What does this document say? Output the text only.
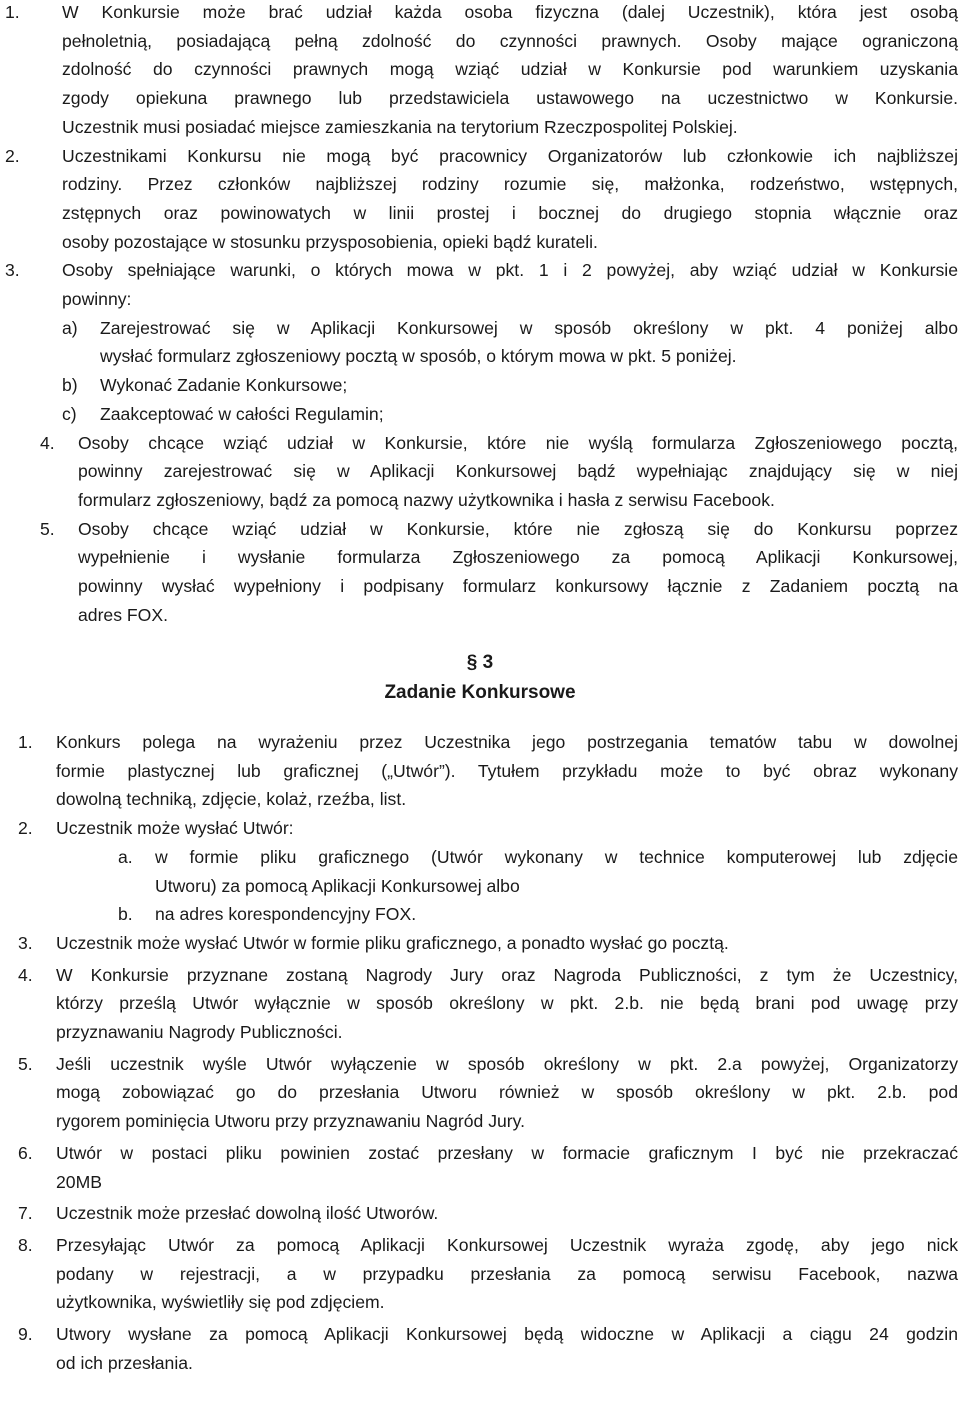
1. W Konkursie może brać udział każda osoba fizyczna (dalej Uczestnik), która jest osobą
pełnoletnią, posiadającą pełną zdolność do czynności prawnych. Osoby mające ograniczoną
zdolność do czynności prawnych mogą wziąć udział w Konkursie pod warunkiem uzyskania
zgody opiekuna prawnego lub przedstawiciela ustawowego na uczestnictwo w Konkursie.
Uczestnik musi posiadać miejsce zamieszkania na terytorium Rzeczpospolitej Polskiej.
2. Uczestnikami Konkursu nie mogą być pracownicy Organizatorów lub członkowie ich najbliższej
rodziny. Przez członków najbliższej rodziny rozumie się, małżonka, rodzeństwo, wstępnych,
zstępnych oraz powinowatych w linii prostej i bocznej do drugiego stopnia włącznie oraz
osoby pozostające w stosunku przysposobienia, opieki bądź kurateli.
3. Osoby spełniające warunki, o których mowa w pkt. 1 i 2 powyżej, aby wziąć udział w Konkursie
powinny:
a) Zarejestrować się w Aplikacji Konkursowej w sposób określony w pkt. 4 poniżej albo
wysłać formularz zgłoszeniowy pocztą w sposób, o którym mowa w pkt. 5 poniżej.
b) Wykonać Zadanie Konkursowe;
c) Zaakceptować w całości Regulamin;
4. Osoby chcące wziąć udział w Konkursie, które nie wyślą formularza Zgłoszeniowego pocztą,
powinny zarejestrować się w Aplikacji Konkursowej bądź wypełniając znajdujący się w niej
formularz zgłoszeniowy, bądź za pomocą nazwy użytkownika i hasła z serwisu Facebook.
5. Osoby chcące wziąć udział w Konkursie, które nie zgłoszą się do Konkursu poprzez
wypełnienie i wysłanie formularza Zgłoszeniowego za pomocą Aplikacji Konkursowej,
powinny wysłać wypełniony i podpisany formularz konkursowy łącznie z Zadaniem pocztą na
adres FOX.
§ 3
Zadanie Konkursowe
1. Konkurs polega na wyrażeniu przez Uczestnika jego postrzegania tematów tabu w dowolnej
formie plastycznej lub graficznej („Utwór”). Tytułem przykładu może to być obraz wykonany
dowolną techniką, zdjęcie, kolaż, rzeźba, list.
2. Uczestnik może wysłać Utwór:
a. w formie pliku graficznego (Utwór wykonany w technice komputerowej lub zdjęcie
Utworu) za pomocą Aplikacji Konkursowej albo
b. na adres korespondencyjny FOX.
3. Uczestnik może wysłać Utwór w formie pliku graficznego, a ponadto wysłać go pocztą.
4. W Konkursie przyznane zostaną Nagrody Jury oraz Nagroda Publiczności, z tym że Uczestnicy,
którzy prześlą Utwór wyłącznie w sposób określony w pkt. 2.b. nie będą brani pod uwagę przy
przyznawaniu Nagrody Publiczności.
5. Jeśli uczestnik wyśle Utwór wyłączenie w sposób określony w pkt. 2.a powyżej, Organizatorzy
mogą zobowiązać go do przesłania Utworu również w sposób określony w pkt. 2.b. pod
rygorem pominięcia Utworu przy przyznawaniu Nagród Jury.
6. Utwór w postaci pliku powinien zostać przesłany w formacie graficznym I być nie przekraczać
20MB
7. Uczestnik może przesłać dowolną ilość Utworów.
8. Przesyłając Utwór za pomocą Aplikacji Konkursowej Uczestnik wyraża zgodę, aby jego nick
podany w rejestracji, a w przypadku przesłania za pomocą serwisu Facebook, nazwa
użytkownika, wyświetliły się pod zdjęciem.
9. Utwory wysłane za pomocą Aplikacji Konkursowej będą widoczne w Aplikacji a ciągu 24 godzin
od ich przesłania.
